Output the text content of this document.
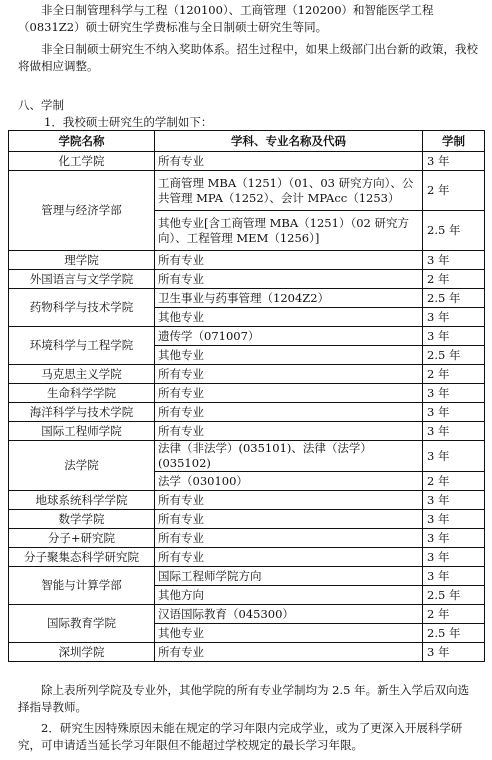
非全日制管理科学与工程（120100）、工商管理（120200）和智能医学工程（0831Z2）硕士研究生学费标准与全日制硕士研究生等同。

非全日制硕士研究生不纳入奖助体系。招生过程中，如果上级部门出台新的政策，我校将做相应调整。

八、学制

1．我校硕士研究生的学制如下：

学院名称	学科、专业名称及代码	学制
化工学院	所有专业	3 年
管理与经济学部	工商管理 MBA（1251）（01、03 研究方向）、公共管理 MPA（1252）、会计 MPAcc（1253）	2 年
	其他专业[含工商管理 MBA（1251）（02 研究方向）、工程管理 MEM（1256）]	2.5 年
理学院	所有专业	3 年
外国语言与文学学院	所有专业	2 年
药物科学与技术学院	卫生事业与药事管理（1204Z2）	2.5 年
	其他专业	3 年
环境科学与工程学院	遗传学（071007）	3 年
	其他专业	2.5 年
马克思主义学院	所有专业	2 年
生命科学学院	所有专业	3 年
海洋科学与技术学院	所有专业	3 年
国际工程师学院	所有专业	3 年
法学院	法律（非法学）(035101)、法律（法学）(035102)	3 年
	法学（030100）	2 年
地球系统科学学院	所有专业	3 年
数学学院	所有专业	3 年
分子+研究院	所有专业	3 年
分子聚集态科学研究院	所有专业	3 年
智能与计算学部	国际工程师学院方向	3 年
	其他方向	2.5 年
国际教育学院	汉语国际教育（045300）	2 年
	其他专业	2.5 年
深圳学院	所有专业	3 年

除上表所列学院及专业外，其他学院的所有专业学制均为 2.5 年。新生入学后双向选择指导教师。

2．研究生因特殊原因未能在规定的学习年限内完成学业，或为了更深入开展科学研究，可申请适当延长学习年限但不能超过学校规定的最长学习年限。
